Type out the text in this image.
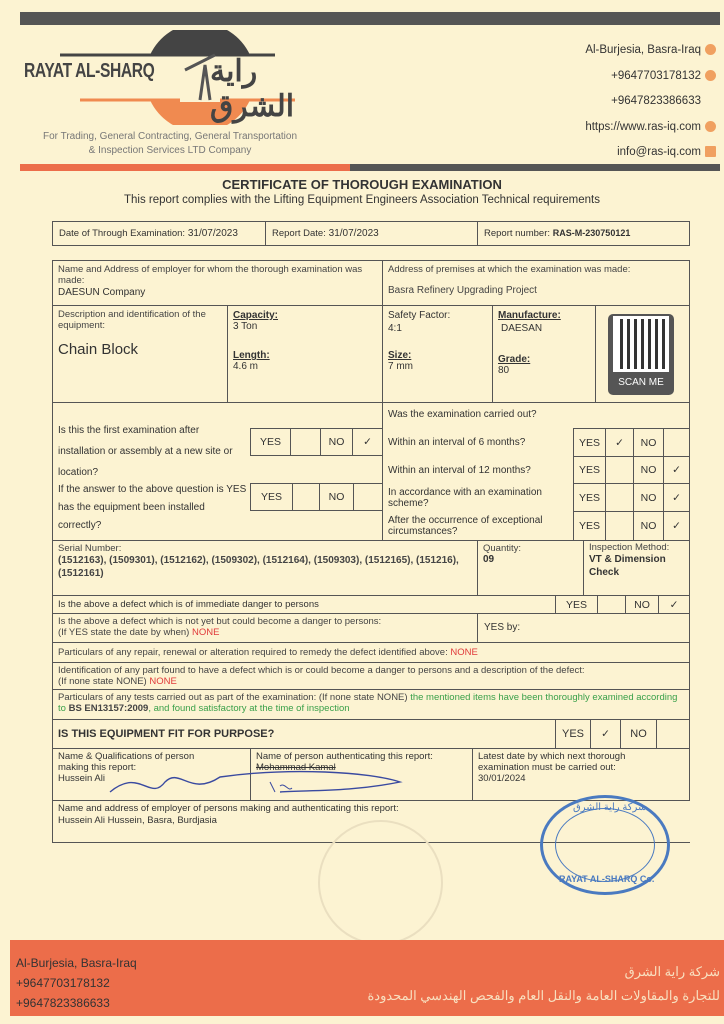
RAYAT AL-SHARQ راية الشرق
For Trading, General Contracting, General Transportation
& Inspection Services LTD Company
Al-Burjesia, Basra-Iraq
+9647703178132
+9647823386633
https://www.ras-iq.com
info@ras-iq.com
CERTIFICATE OF THOROUGH EXAMINATION
This report complies with the Lifting Equipment Engineers Association Technical requirements
Date of Through Examination: 31/07/2023	Report Date: 31/07/2023	Report number: RAS-M-230750121
Name and Address of employer for whom the thorough examination was made:
DAESUN Company
Address of premises at which the examination was made:
Basra Refinery Upgrading Project
Description and identification of the equipment:
Chain Block
Capacity:
3 Ton
Length:
4.6 m
Safety Factor:
4:1
Size:
7 mm
Manufacture:
DAESAN
Grade:
80
SCAN ME
Is this the first examination after installation or assembly at a new site or location?
If the answer to the above question is YES has the equipment been installed correctly?
YES	NO	✓
YES	NO
Was the examination carried out?
Within an interval of 6 months?	YES	✓	NO
Within an interval of 12 months?	YES	NO	✓
In accordance with an examination scheme?	YES	NO	✓
After the occurrence of exceptional circumstances?	YES	NO	✓
Serial Number:
(1512163), (1509301), (1512162), (1509302), (1512164), (1509303), (1512165), (151216),(1512161)
Quantity:
09
Inspection Method:
VT & Dimension Check
Is the above a defect which is of immediate danger to persons	YES	NO	✓
Is the above a defect which is not yet but could become a danger to persons:
(If YES state the date by when) NONE	YES by:
Particulars of any repair, renewal or alteration required to remedy the defect identified above: NONE
Identification of any part found to have a defect which is or could become a danger to persons and a description of the defect:
(If none state NONE) NONE
Particulars of any tests carried out as part of the examination: (If none state NONE) the mentioned items have been thoroughly examined according to BS EN13157:2009, and found satisfactory at the time of inspection
IS THIS EQUIPMENT FIT FOR PURPOSE?	YES	✓	NO
Name & Qualifications of person making this report:
Hussein Ali
Name of person authenticating this report:
Mohammad Kamal
Latest date by which next thorough examination must be carried out:
30/01/2024
Name and address of employer of persons making and authenticating this report:
Hussein Ali Hussein, Basra, Burdjasia
شركة راية الشرق
RAYAT AL-SHARQ Co.
Al-Burjesia, Basra-Iraq
+9647703178132
+9647823386633
شركة راية الشرق
للتجارة والمقاولات العامة والنقل العام والفحص الهندسي المحدودة
